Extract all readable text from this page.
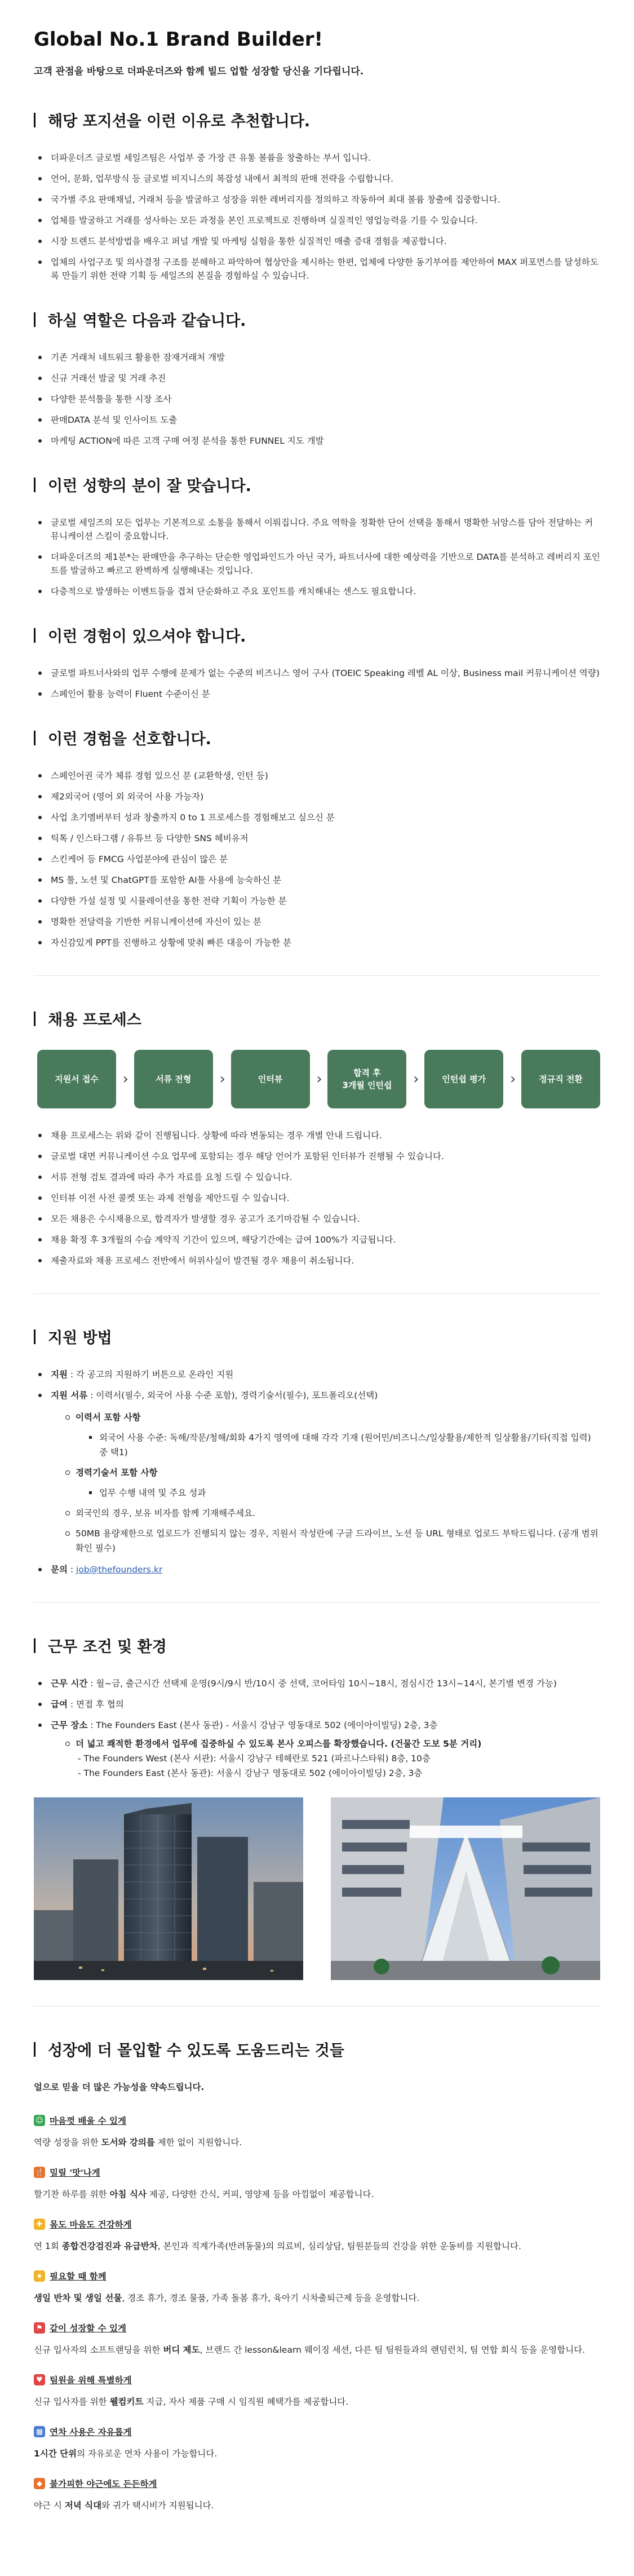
Global No.1 Brand Builder!
고객 관점을 바탕으로 더파운더즈와 함께 빌드 업할 성장할 당신을 기다립니다.
해당 포지션을 이런 이유로 추천합니다.
더파운더즈 글로벌 세일즈팀은 사업부 중 가장 큰 유통 볼륨을 창출하는 부서 입니다.
언어, 문화, 업무방식 등 글로벌 비지니스의 복잡성 내에서 최적의 판매 전략을 수립합니다.
국가별 주요 판매채널, 거래처 등을 발굴하고 성장을 위한 레버리지를 정의하고 작동하여 최대 볼륨 창출에 집중합니다.
업체를 발굴하고 거래를 성사하는 모든 과정을 본인 프로젝트로 진행하며 실질적인 영업능력을 기를 수 있습니다.
시장 트렌드 분석방법을 배우고 퍼널 개발 및 마케팅 실험을 통한 실질적인 매출 증대 경험을 제공합니다.
업체의 사업구조 및 의사결정 구조를 분해하고 파악하여 협상안을 제시하는 한편, 업체에 다양한 동기부여를 제안하여 MAX 퍼포먼스를 달성하도록 만들기 위한 전략 기획 등 세일즈의 본질을 경험하실 수 있습니다.
하실 역할은 다음과 같습니다.
기존 거래처 네트워크 활용한 잠재거래처 개발
신규 거래선 발굴 및 거래 추진
다양한 분석툴을 통한 시장 조사
판매DATA 분석 및 인사이트 도출
마케팅 ACTION에 따른 고객 구매 여정 분석을 통한 FUNNEL 지도 개발
이런 성향의 분이 잘 맞습니다.
글로벌 세일즈의 모든 업무는 기본적으로 소통을 통해서 이뤄집니다. 주요 역학을 정확한 단어 선택을 통해서 명확한 뉘앙스를 담아 전달하는 커뮤니케이션 스킬이 중요합니다.
더파운더즈의 제1분*는 판매만을 추구하는 단순한 영업파인드가 아닌 국가, 파트너사에 대한 예상력을 기반으로 DATA를 분석하고 레버리지 포인트를 발굴하고 빠르고 완벽하게 실행해내는 것입니다.
다층적으로 발생하는 이벤트들을 겹쳐 단순화하고 주요 포인트를 캐치해내는 센스도 필요합니다.
이런 경험이 있으셔야 합니다.
글로벌 파트너사와의 업무 수행에 문제가 없는 수준의 비즈니스 영어 구사 (TOEIC Speaking 레벨 AL 이상, Business mail 커뮤니케이션 역량)
스페인어 활용 능력이 Fluent 수준이신 분
이런 경험을 선호합니다.
스페인어권 국가 체류 경험 있으신 분 (교환학생, 인턴 등)
제2외국어 (영어 외 외국어 사용 가능자)
사업 초기멤버부터 성과 창출까지 0 to 1 프로세스를 경험해보고 싶으신 분
틱톡 / 인스타그램 / 유튜브 등 다양한 SNS 헤비유저
스킨케어 등 FMCG 사업분야에 관심이 많은 분
MS 툴, 노션 및 ChatGPT를 포함한 AI툴 사용에 능숙하신 분
다양한 가설 설정 및 시뮬레이션을 통한 전략 기획이 가능한 분
명확한 전달력을 기반한 커뮤니케이션에 자신이 있는 분
자신감있게 PPT를 진행하고 상황에 맞춰 빠른 대응이 가능한 분
채용 프로세스
지원서 접수	›	서류 전형	›	인터뷰	›	합격 후
3개월 인턴쉽	›	인턴쉽 평가	›	정규직 전환
채용 프로세스는 위와 같이 진행됩니다. 상황에 따라 변동되는 경우 개별 안내 드립니다.
글로벌 대면 커뮤니케이션 수요 업무에 포함되는 경우 해당 언어가 포함된 인터뷰가 진행될 수 있습니다.
서류 전형 검토 결과에 따라 추가 자료를 요청 드릴 수 있습니다.
인터뷰 이전 사전 콜켓 또는 과제 전형을 제안드릴 수 있습니다.
모든 채용은 수시채용으로, 합격자가 발생할 경우 공고가 조기마감될 수 있습니다.
채용 확정 후 3개월의 수습 계약직 기간이 있으며, 해당기간에는 급여 100%가 지급됩니다.
제출자료와 채용 프로세스 전반에서 허위사실이 발견될 경우 채용이 취소됩니다.
지원 방법
지원 : 각 공고의 지원하기 버튼으로 온라인 지원
지원 서류 : 이력서(필수, 외국어 사용 수준 포함), 경력기술서(필수), 포트폴리오(선택)
이력서 포함 사항
외국어 사용 수준: 독해/작문/청해/회화 4가지 영역에 대해 각각 기재 (원어민/비즈니스/일상활용/제한적 일상활용/기타(직접 입력) 중 택1)
경력기술서 포함 사항
업무 수행 내역 및 주요 성과
외국인의 경우, 보유 비자를 함께 기재해주세요.
50MB 용량제한으로 업로드가 진행되지 않는 경우, 지원서 작성란에 구글 드라이브, 노션 등 URL 형태로 업로드 부탁드립니다. (공개 범위 확인 필수)
문의 : job@thefounders.kr
근무 조건 및 환경
근무 시간 : 월~금, 출근시간 선택제 운영(9시/9시 반/10시 중 선택, 코어타임 10시~18시, 점심시간 13시~14시, 본기별 변경 가능)
급여 : 면접 후 협의
근무 장소 : The Founders East (본사 동관) - 서울시 강남구 영동대로 502 (에이아이빌딩) 2층, 3층
더 넓고 쾌적한 환경에서 업무에 집중하실 수 있도록 본사 오피스를 확장했습니다. (건물간 도보 5분 거리)
- The Founders West (본사 서관): 서울시 강남구 테헤란로 521 (파르나스타워) 8층, 10층
- The Founders East (본사 동관): 서울시 강남구 영동대로 502 (에이아이빌딩) 2층, 3층
성장에 더 몰입할 수 있도록 도움드리는 것들
얼으로 믿을 더 많은 가능성을 약속드립니다.
☺ 마음껏 배울 수 있게
역량 성장을 위한 도서와 강의를 제한 없이 지원합니다.
🍴 밀릴 '맛'나게
할기찬 하루를 위한 아침 식사 제공, 다양한 간식, 커피, 영양제 등을 아낌없이 제공합니다.
✚ 몸도 마음도 건강하게
연 1회 종합건강검진과 유급반차, 본인과 직계가족(반려동물)의 의료비, 심리상담, 팀원분들의 건강을 위한 운동비를 지원합니다.
★ 필요할 때 함께
생일 반차 및 생일 선물, 경조 휴가, 경조 물품, 가족 돌봄 휴가, 육아기 시차출퇴근제 등을 운영합니다.
⚑ 같이 성장할 수 있게
신규 입사자의 소프트랜딩을 위한 버디 제도, 브랜드 간 lesson&learn 웨이징 세션, 다른 팀 팀원들과의 랜덤런치, 팀 연합 회식 등을 운영합니다.
♥ 팀원을 위해 특별하게
신규 입사자를 위한 웰컴키트 지급, 자사 제품 구매 시 임직원 혜택가를 제공합니다.
▦ 연차 사용은 자유롭게
1시간 단위의 자유로운 연차 사용이 가능합니다.
◆ 불가피한 야근에도 든든하게
야근 시 저녁 식대와 귀가 택시비가 지원됩니다.
